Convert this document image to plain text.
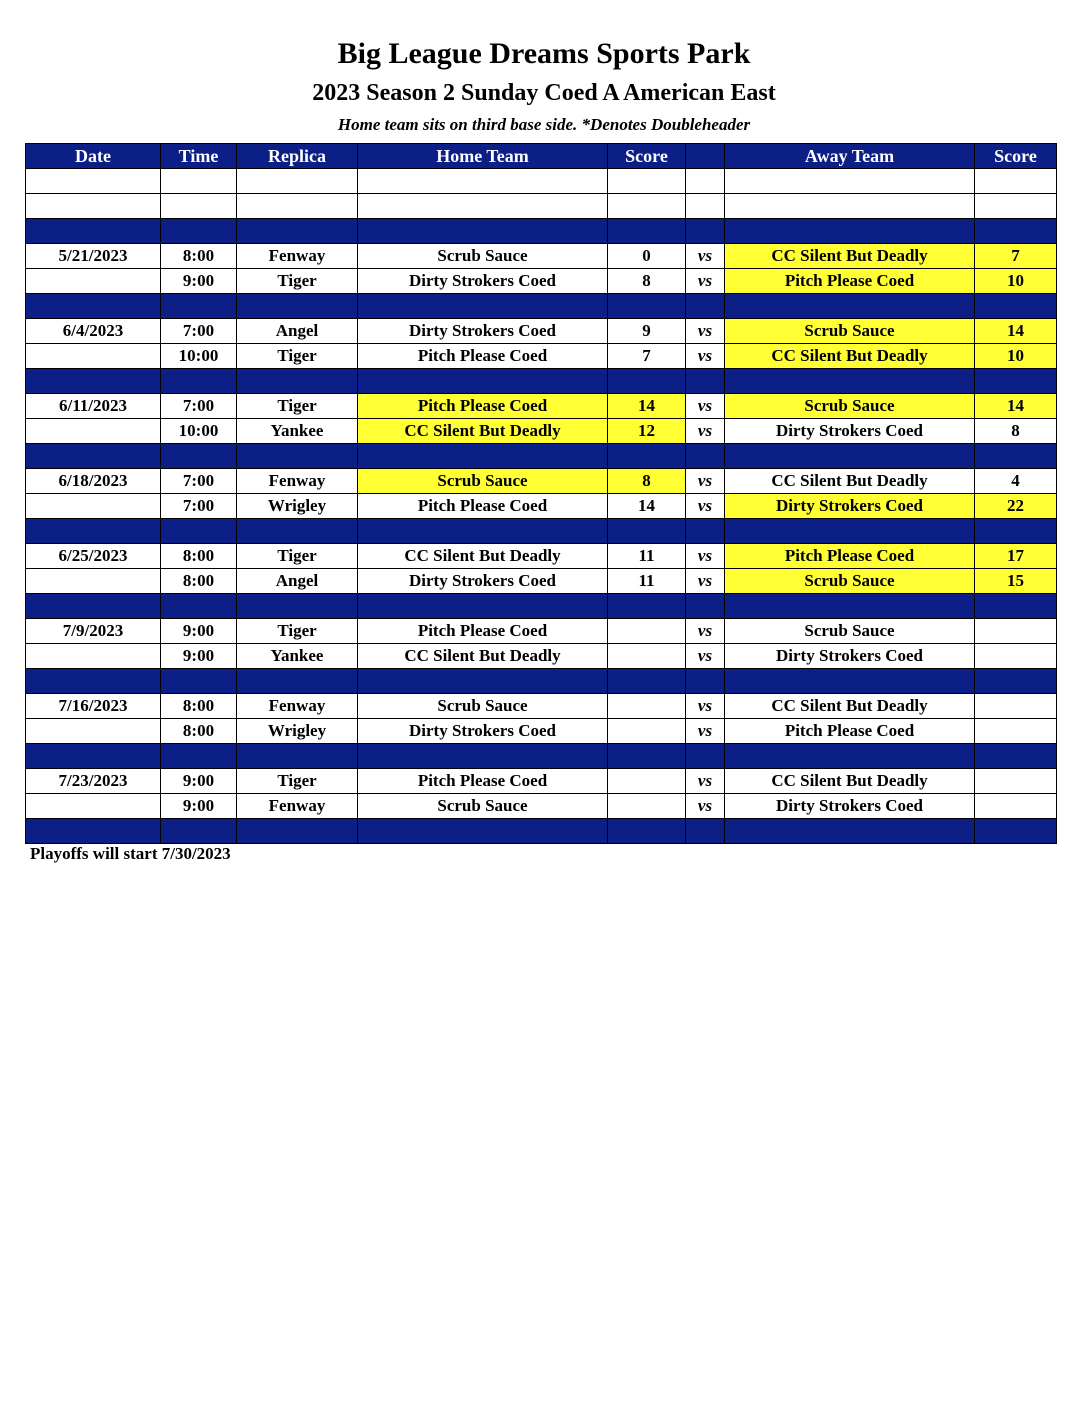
Big League Dreams Sports Park
2023 Season 2 Sunday Coed A American East
Home team sits on third base side. *Denotes Doubleheader
Date	Time	Replica	Home Team	Score		Away Team	Score

5/21/2023	8:00	Fenway	Scrub Sauce	0	vs	CC Silent But Deadly	7
	9:00	Tiger	Dirty Strokers Coed	8	vs	Pitch Please Coed	10

6/4/2023	7:00	Angel	Dirty Strokers Coed	9	vs	Scrub Sauce	14
	10:00	Tiger	Pitch Please Coed	7	vs	CC Silent But Deadly	10

6/11/2023	7:00	Tiger	Pitch Please Coed	14	vs	Scrub Sauce	14
	10:00	Yankee	CC Silent But Deadly	12	vs	Dirty Strokers Coed	8

6/18/2023	7:00	Fenway	Scrub Sauce	8	vs	CC Silent But Deadly	4
	7:00	Wrigley	Pitch Please Coed	14	vs	Dirty Strokers Coed	22

6/25/2023	8:00	Tiger	CC Silent But Deadly	11	vs	Pitch Please Coed	17
	8:00	Angel	Dirty Strokers Coed	11	vs	Scrub Sauce	15

7/9/2023	9:00	Tiger	Pitch Please Coed		vs	Scrub Sauce	
	9:00	Yankee	CC Silent But Deadly		vs	Dirty Strokers Coed	

7/16/2023	8:00	Fenway	Scrub Sauce		vs	CC Silent But Deadly	
	8:00	Wrigley	Dirty Strokers Coed		vs	Pitch Please Coed	

7/23/2023	9:00	Tiger	Pitch Please Coed		vs	CC Silent But Deadly	
	9:00	Fenway	Scrub Sauce		vs	Dirty Strokers Coed	

Playoffs will start 7/30/2023
